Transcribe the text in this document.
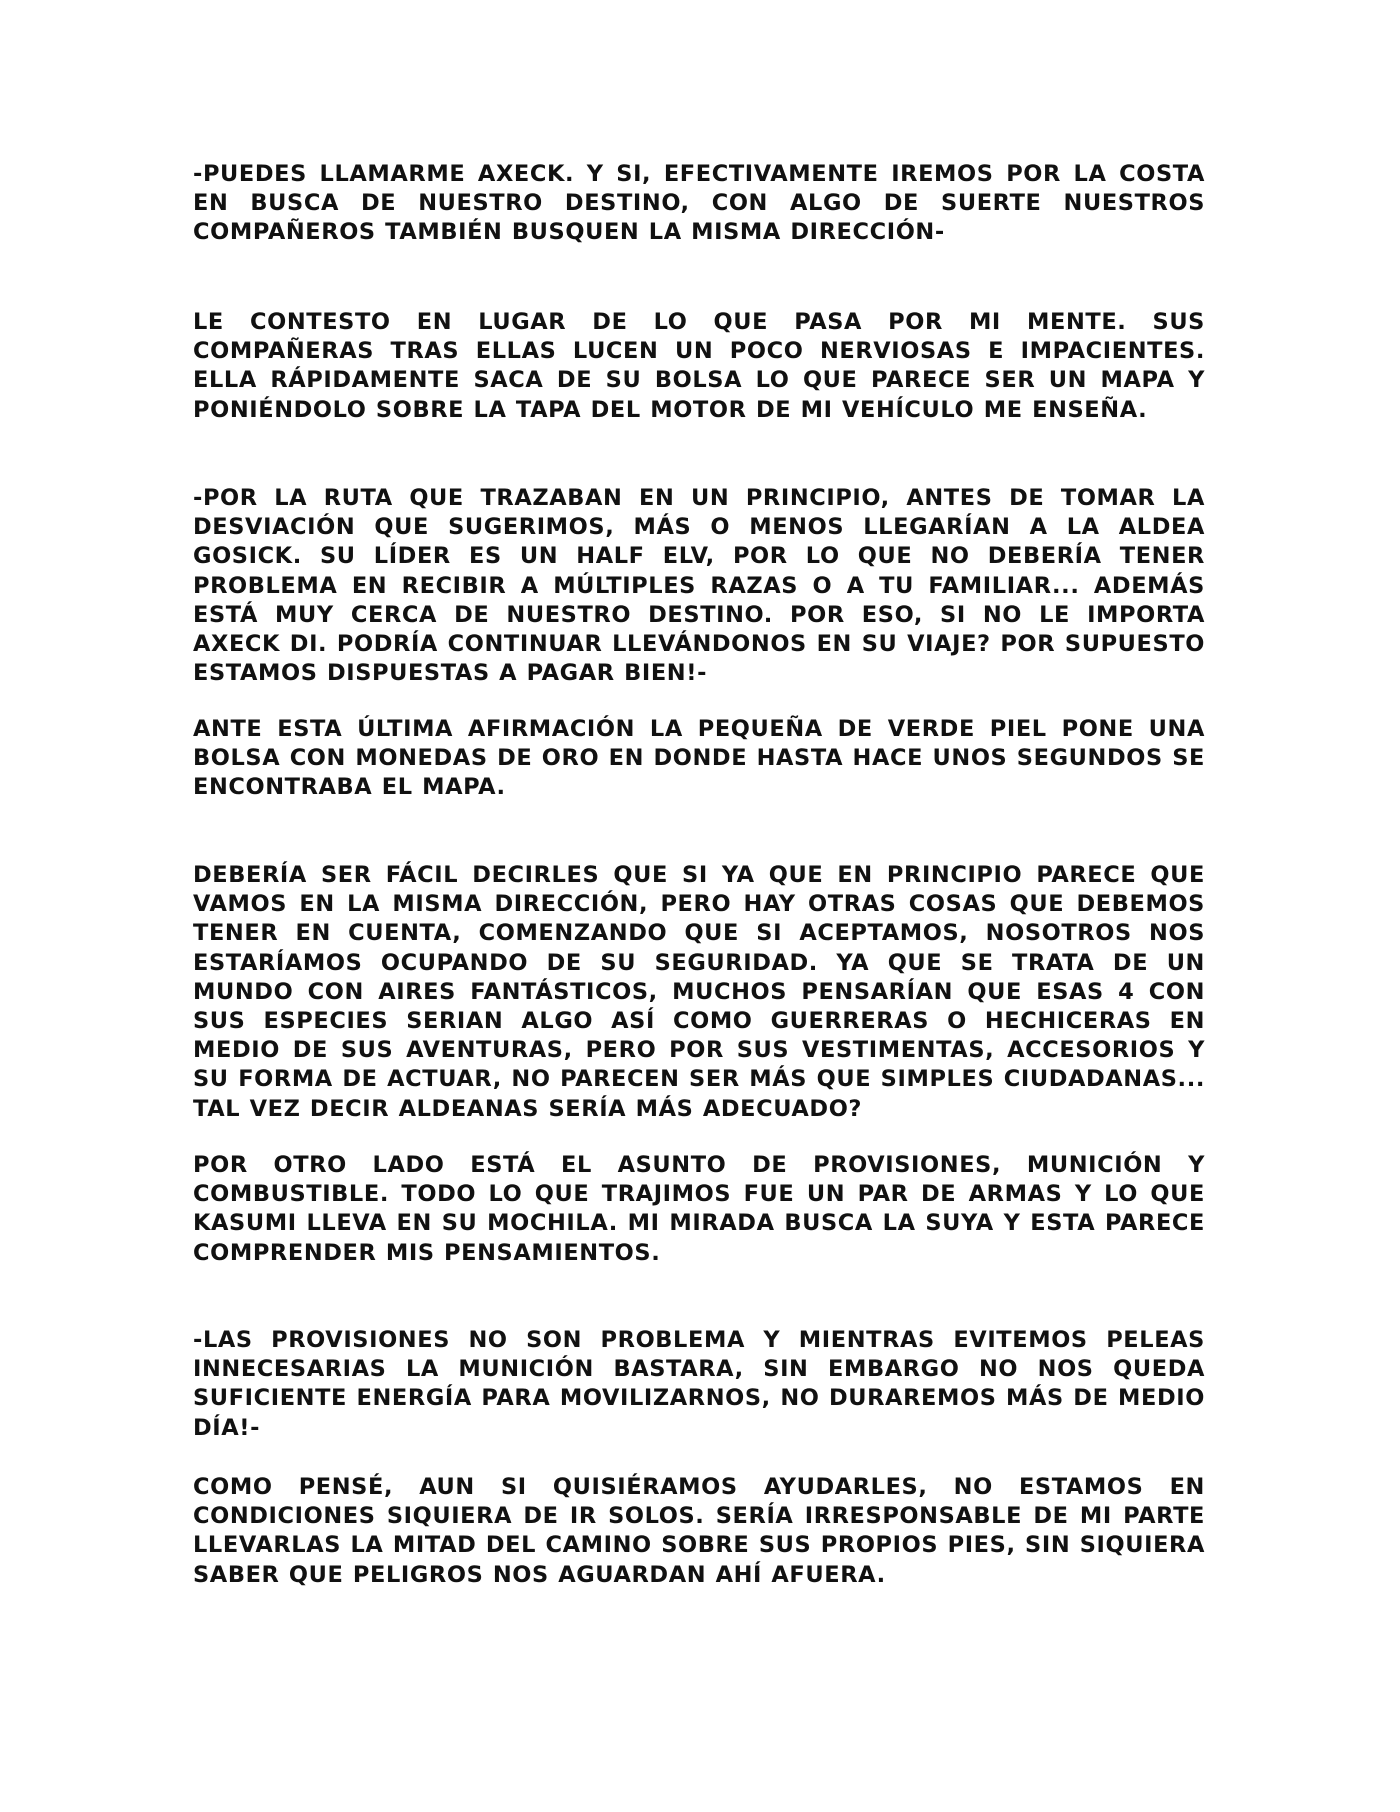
-PUEDES LLAMARME AXECK. Y SI, EFECTIVAMENTE IREMOS POR LA COSTA EN BUSCA DE NUESTRO DESTINO, CON ALGO DE SUERTE NUESTROS COMPAÑEROS TAMBIÉN BUSQUEN LA MISMA DIRECCIÓN-

LE CONTESTO EN LUGAR DE LO QUE PASA POR MI MENTE. SUS COMPAÑERAS TRAS ELLAS LUCEN UN POCO NERVIOSAS E IMPACIENTES. ELLA RÁPIDAMENTE SACA DE SU BOLSA LO QUE PARECE SER UN MAPA Y PONIÉNDOLO SOBRE LA TAPA DEL MOTOR DE MI VEHÍCULO ME ENSEÑA.

-POR LA RUTA QUE TRAZABAN EN UN PRINCIPIO, ANTES DE TOMAR LA DESVIACIÓN QUE SUGERIMOS, MÁS O MENOS LLEGARÍAN A LA ALDEA GOSICK. SU LÍDER ES UN HALF ELV, POR LO QUE NO DEBERÍA TENER PROBLEMA EN RECIBIR A MÚLTIPLES RAZAS O A TU FAMILIAR... ADEMÁS ESTÁ MUY CERCA DE NUESTRO DESTINO. POR ESO, SI NO LE IMPORTA AXECK DI. PODRÍA CONTINUAR LLEVÁNDONOS EN SU VIAJE? POR SUPUESTO ESTAMOS DISPUESTAS A PAGAR BIEN!-

ANTE ESTA ÚLTIMA AFIRMACIÓN LA PEQUEÑA DE VERDE PIEL PONE UNA BOLSA CON MONEDAS DE ORO EN DONDE HASTA HACE UNOS SEGUNDOS SE ENCONTRABA EL MAPA.

DEBERÍA SER FÁCIL DECIRLES QUE SI YA QUE EN PRINCIPIO PARECE QUE VAMOS EN LA MISMA DIRECCIÓN, PERO HAY OTRAS COSAS QUE DEBEMOS TENER EN CUENTA, COMENZANDO QUE SI ACEPTAMOS, NOSOTROS NOS ESTARÍAMOS OCUPANDO DE SU SEGURIDAD. YA QUE SE TRATA DE UN MUNDO CON AIRES FANTÁSTICOS, MUCHOS PENSARÍAN QUE ESAS 4 CON SUS ESPECIES SERIAN ALGO ASÍ COMO GUERRERAS O HECHICERAS EN MEDIO DE SUS AVENTURAS, PERO POR SUS VESTIMENTAS, ACCESORIOS Y SU FORMA DE ACTUAR, NO PARECEN SER MÁS QUE SIMPLES CIUDADANAS... TAL VEZ DECIR ALDEANAS SERÍA MÁS ADECUADO?

POR OTRO LADO ESTÁ EL ASUNTO DE PROVISIONES, MUNICIÓN Y COMBUSTIBLE. TODO LO QUE TRAJIMOS FUE UN PAR DE ARMAS Y LO QUE KASUMI LLEVA EN SU MOCHILA. MI MIRADA BUSCA LA SUYA Y ESTA PARECE COMPRENDER MIS PENSAMIENTOS.

-LAS PROVISIONES NO SON PROBLEMA Y MIENTRAS EVITEMOS PELEAS INNECESARIAS LA MUNICIÓN BASTARA, SIN EMBARGO NO NOS QUEDA SUFICIENTE ENERGÍA PARA MOVILIZARNOS, NO DURAREMOS MÁS DE MEDIO DÍA!-

COMO PENSÉ, AUN SI QUISIÉRAMOS AYUDARLES, NO ESTAMOS EN CONDICIONES SIQUIERA DE IR SOLOS. SERÍA IRRESPONSABLE DE MI PARTE LLEVARLAS LA MITAD DEL CAMINO SOBRE SUS PROPIOS PIES, SIN SIQUIERA SABER QUE PELIGROS NOS AGUARDAN AHÍ AFUERA.
